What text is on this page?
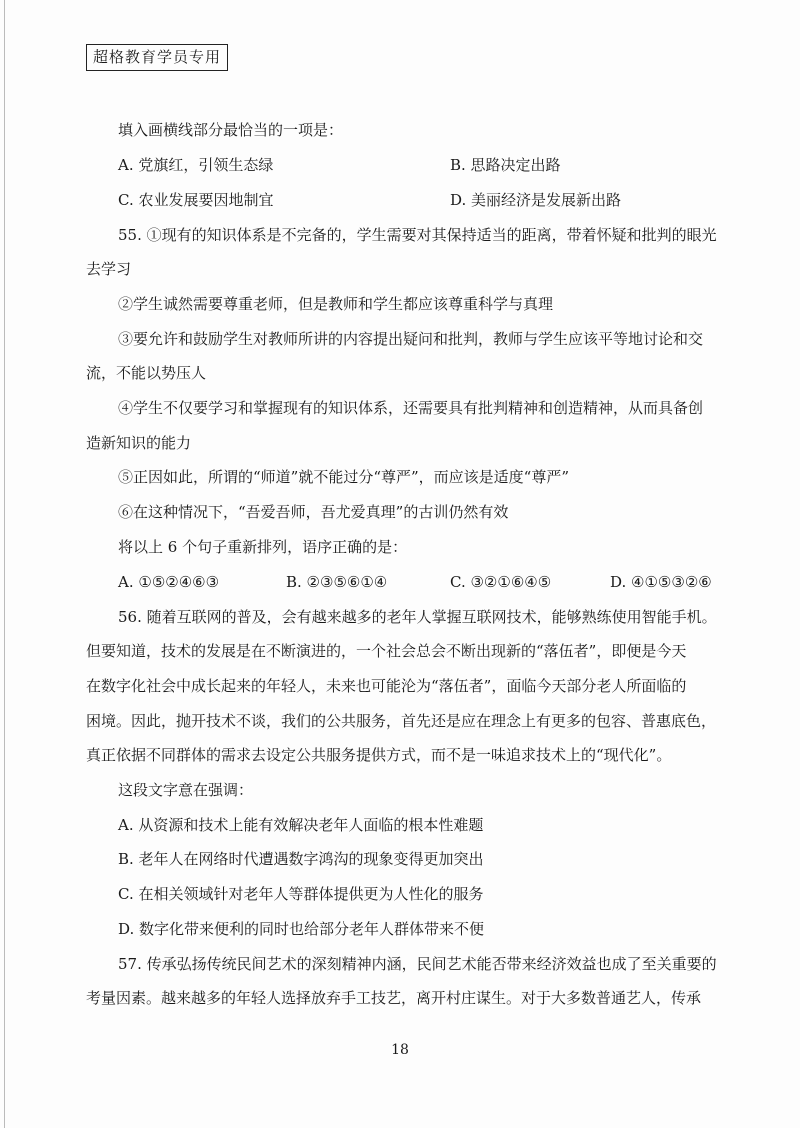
超格教育学员专用
填入画横线部分最恰当的一项是：
A. 党旗红，引领生态绿	B. 思路决定出路
C. 农业发展要因地制宜	D. 美丽经济是发展新出路
55. ①现有的知识体系是不完备的，学生需要对其保持适当的距离，带着怀疑和批判的眼光
去学习
②学生诚然需要尊重老师，但是教师和学生都应该尊重科学与真理
③要允许和鼓励学生对教师所讲的内容提出疑问和批判，教师与学生应该平等地讨论和交
流，不能以势压人
④学生不仅要学习和掌握现有的知识体系，还需要具有批判精神和创造精神，从而具备创
造新知识的能力
⑤正因如此，所谓的“师道”就不能过分“尊严”，而应该是适度“尊严”
⑥在这种情况下，“吾爱吾师，吾尤爱真理”的古训仍然有效
将以上 6 个句子重新排列，语序正确的是：
A. ①⑤②④⑥③	B. ②③⑤⑥①④	C. ③②①⑥④⑤	D. ④①⑤③②⑥
56. 随着互联网的普及，会有越来越多的老年人掌握互联网技术，能够熟练使用智能手机。
但要知道，技术的发展是在不断演进的，一个社会总会不断出现新的“落伍者”，即便是今天
在数字化社会中成长起来的年轻人，未来也可能沦为“落伍者”，面临今天部分老人所面临的
困境。因此，抛开技术不谈，我们的公共服务，首先还是应在理念上有更多的包容、普惠底色，
真正依据不同群体的需求去设定公共服务提供方式，而不是一味追求技术上的“现代化”。
这段文字意在强调：
A. 从资源和技术上能有效解决老年人面临的根本性难题
B. 老年人在网络时代遭遇数字鸿沟的现象变得更加突出
C. 在相关领域针对老年人等群体提供更为人性化的服务
D. 数字化带来便利的同时也给部分老年人群体带来不便
57. 传承弘扬传统民间艺术的深刻精神内涵，民间艺术能否带来经济效益也成了至关重要的
考量因素。越来越多的年轻人选择放弃手工技艺，离开村庄谋生。对于大多数普通艺人，传承
18
